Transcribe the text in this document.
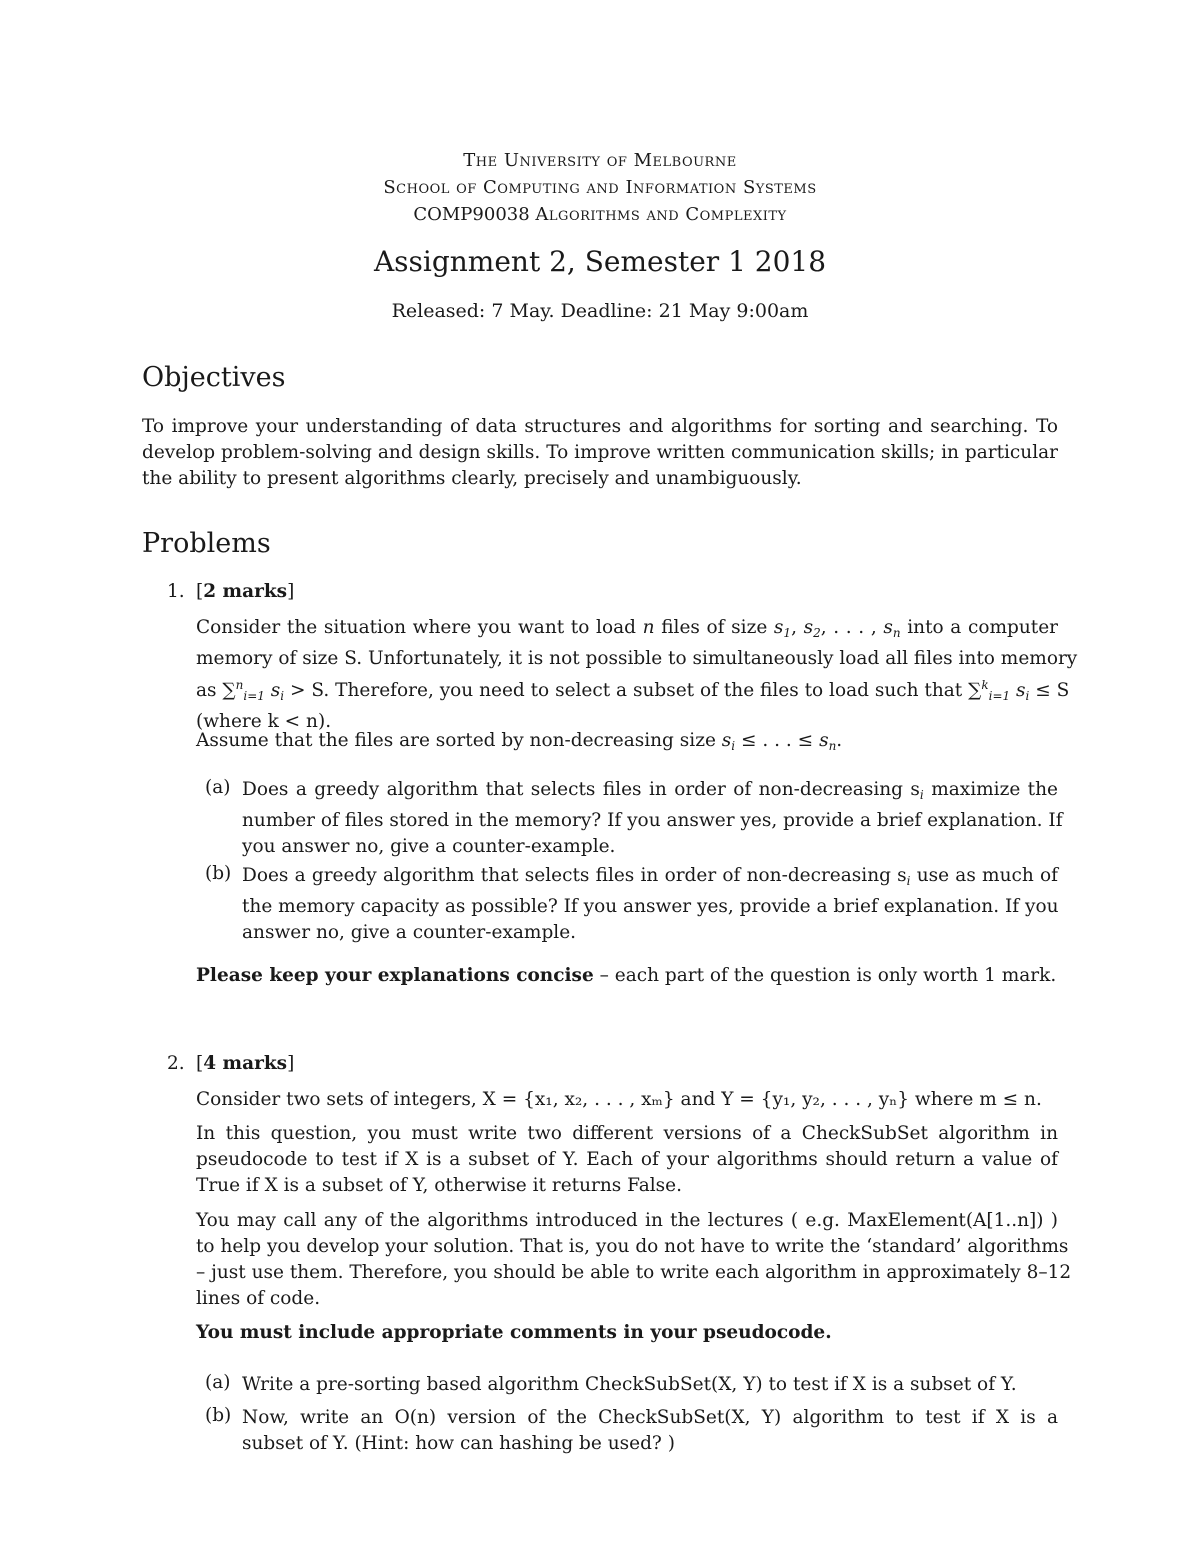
The University of Melbourne
School of Computing and Information Systems
COMP90038 Algorithms and Complexity
Assignment 2, Semester 1 2018
Released: 7 May. Deadline: 21 May 9:00am
Objectives
To improve your understanding of data structures and algorithms for sorting and searching. To
develop problem-solving and design skills. To improve written communication skills; in particular
the ability to present algorithms clearly, precisely and unambiguously.
Problems
1. [2 marks]
Consider the situation where you want to load n files of size $s_1$, $s_2$, . . . , $s_n$ into a computer
memory of size S. Unfortunately, it is not possible to simultaneously load all files into memory
as ∑$^n_{i=1}$ $s_i > S$. Therefore, you need to select a subset of the files to load such that ∑$^k_{i=1}$ $s_i \le S$
(where k < n).
Assume that the files are sorted by non-decreasing size $s_i$ ≤ . . . ≤ $s_n$.
(a) Does a greedy algorithm that selects files in order of non-decreasing $s_i$ maximize the
number of files stored in the memory? If you answer yes, provide a brief explanation. If
you answer no, give a counter-example.
(b) Does a greedy algorithm that selects files in order of non-decreasing $s_i$ use as much of
the memory capacity as possible? If you answer yes, provide a brief explanation. If you
answer no, give a counter-example.
Please keep your explanations concise – each part of the question is only worth 1 mark.
2. [4 marks]
Consider two sets of integers, X = {x₁, x₂, . . . , xₘ} and Y = {y₁, y₂, . . . , yₙ} where m ≤ n.
In this question, you must write two different versions of a CheckSubSet algorithm in
pseudocode to test if X is a subset of Y. Each of your algorithms should return a value of
True if X is a subset of Y, otherwise it returns False.
You may call any of the algorithms introduced in the lectures ( e.g. MaxElement(A[1..n]) )
to help you develop your solution. That is, you do not have to write the ‘standard’ algorithms
– just use them. Therefore, you should be able to write each algorithm in approximately 8–12
lines of code.
You must include appropriate comments in your pseudocode.
(a) Write a pre-sorting based algorithm CheckSubSet(X, Y) to test if X is a subset of Y.
(b) Now, write an O(n) version of the CheckSubSet(X, Y) algorithm to test if X is a
subset of Y. (Hint: how can hashing be used? )
